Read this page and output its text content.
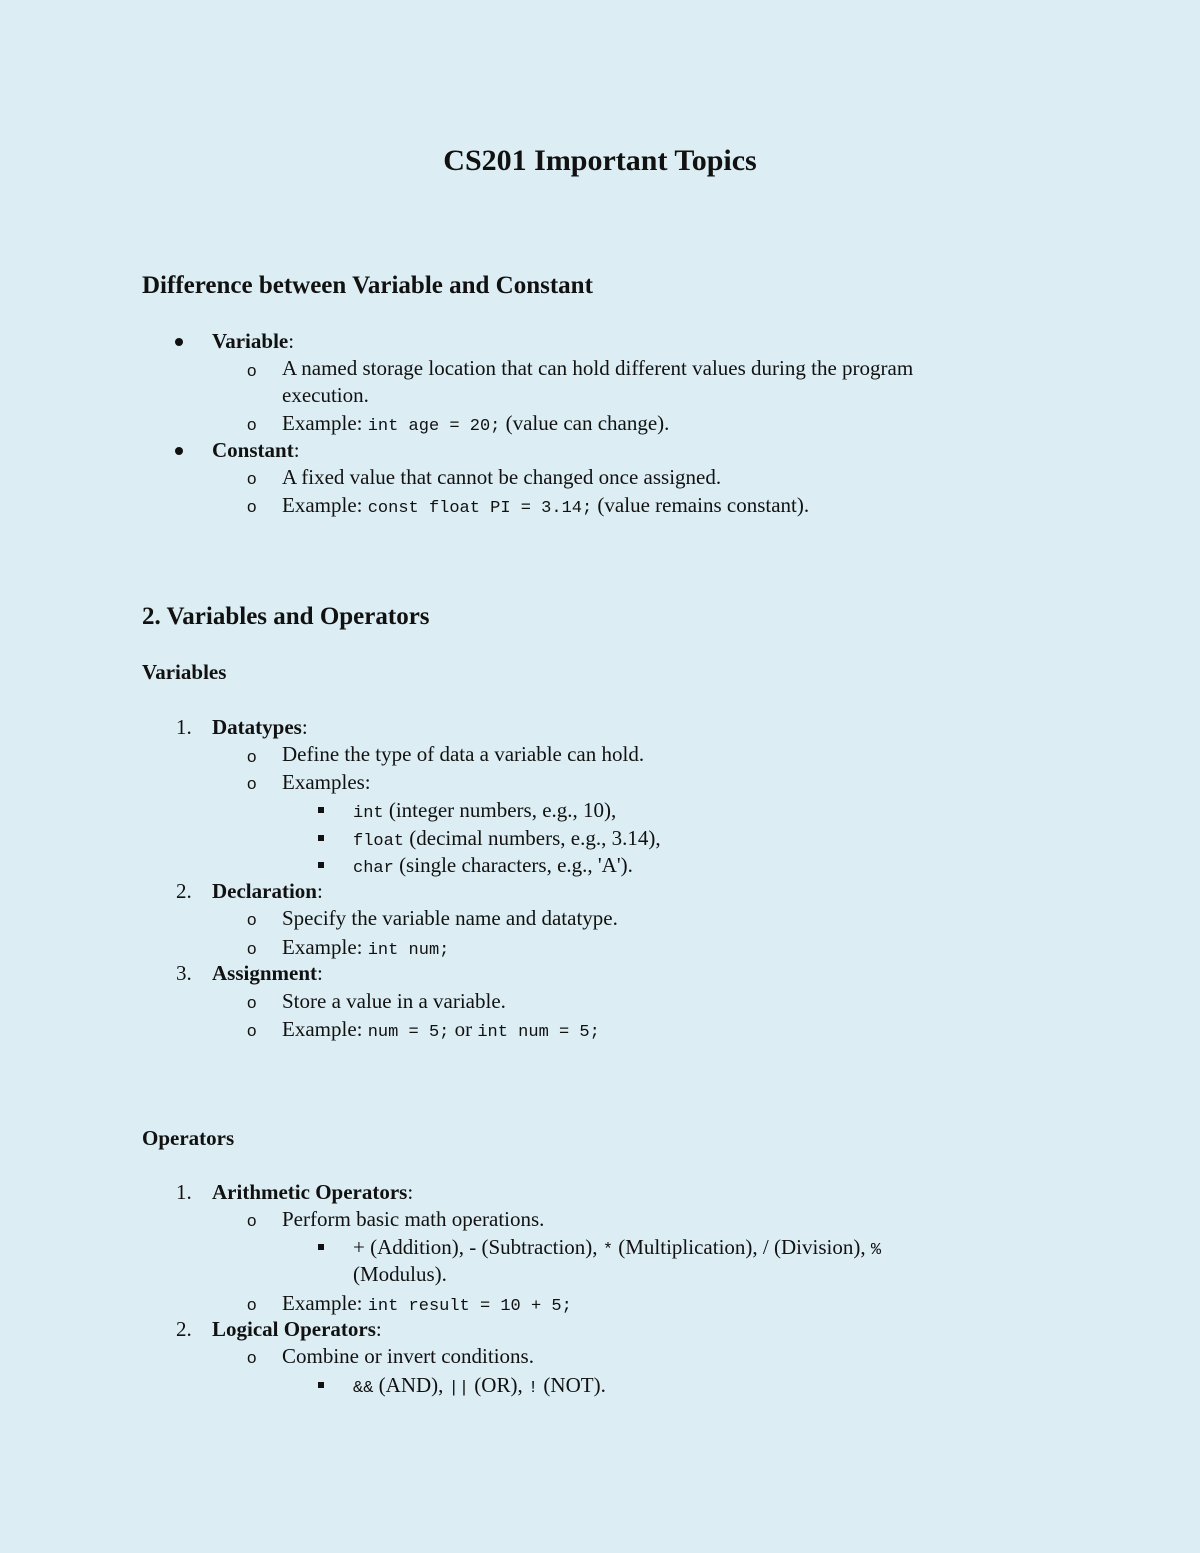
CS201 Important Topics
Difference between Variable and Constant
Variable:
o A named storage location that can hold different values during the program
execution.
o Example: int age = 20; (value can change).
Constant:
o A fixed value that cannot be changed once assigned.
o Example: const float PI = 3.14; (value remains constant).
2. Variables and Operators
Variables
1. Datatypes:
o Define the type of data a variable can hold.
o Examples:
int (integer numbers, e.g., 10),
float (decimal numbers, e.g., 3.14),
char (single characters, e.g., 'A').
2. Declaration:
o Specify the variable name and datatype.
o Example: int num;
3. Assignment:
o Store a value in a variable.
o Example: num = 5; or int num = 5;
Operators
1. Arithmetic Operators:
o Perform basic math operations.
+ (Addition), - (Subtraction), * (Multiplication), / (Division), %
(Modulus).
o Example: int result = 10 + 5;
2. Logical Operators:
o Combine or invert conditions.
&& (AND), || (OR), ! (NOT).
